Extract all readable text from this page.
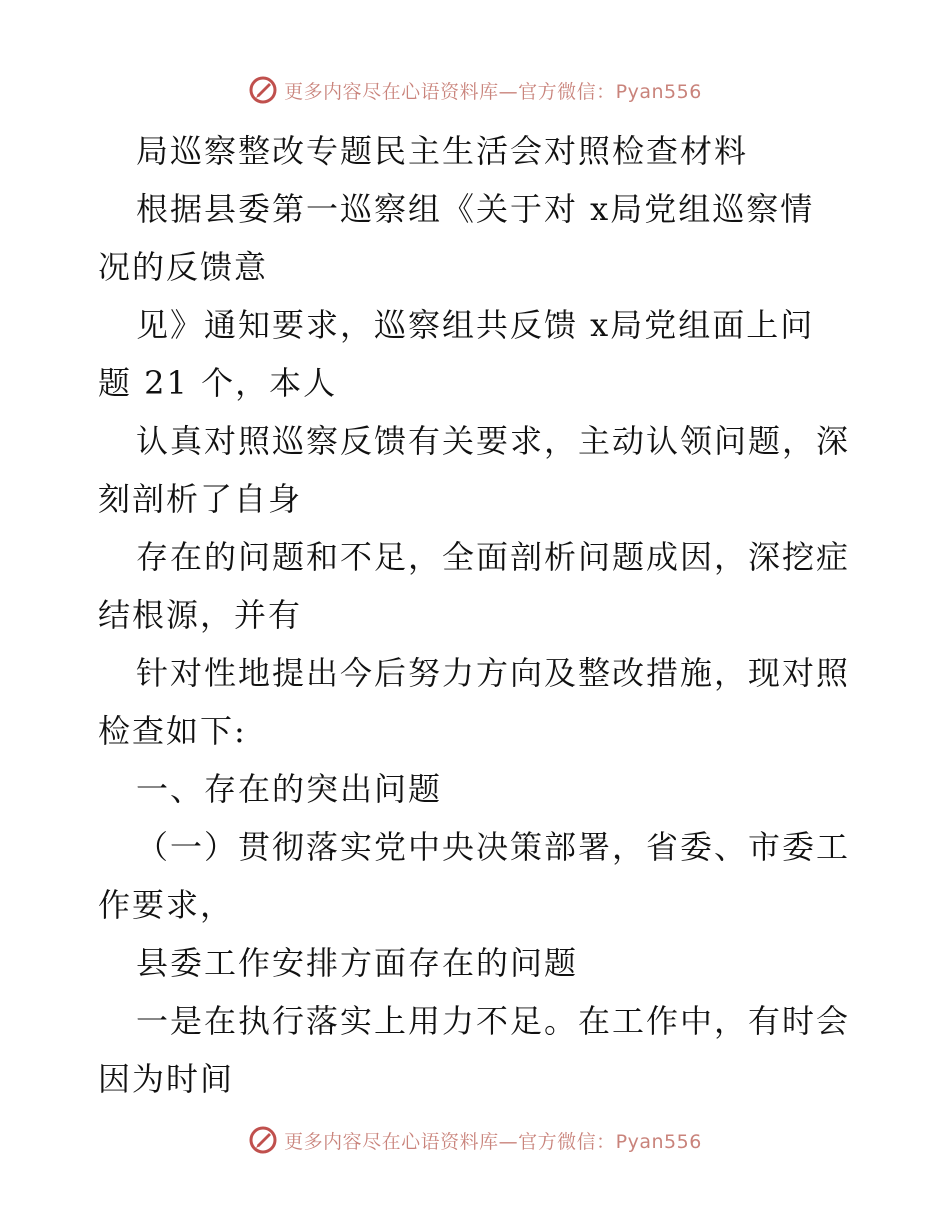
更多内容尽在心语资料库—官方微信：Pyan556
局巡察整改专题民主生活会对照检查材料
根据县委第一巡察组《关于对 x局党组巡察情
况的反馈意
见》通知要求，巡察组共反馈 x局党组面上问
题 21 个，本人
认真对照巡察反馈有关要求，主动认领问题，深
刻剖析了自身
存在的问题和不足，全面剖析问题成因，深挖症
结根源，并有
针对性地提出今后努力方向及整改措施，现对照
检查如下:
一、存在的突出问题
（一）贯彻落实党中央决策部署，省委、市委工
作要求，
县委工作安排方面存在的问题
一是在执行落实上用力不足。在工作中，有时会
因为时间
更多内容尽在心语资料库—官方微信：Pyan556
